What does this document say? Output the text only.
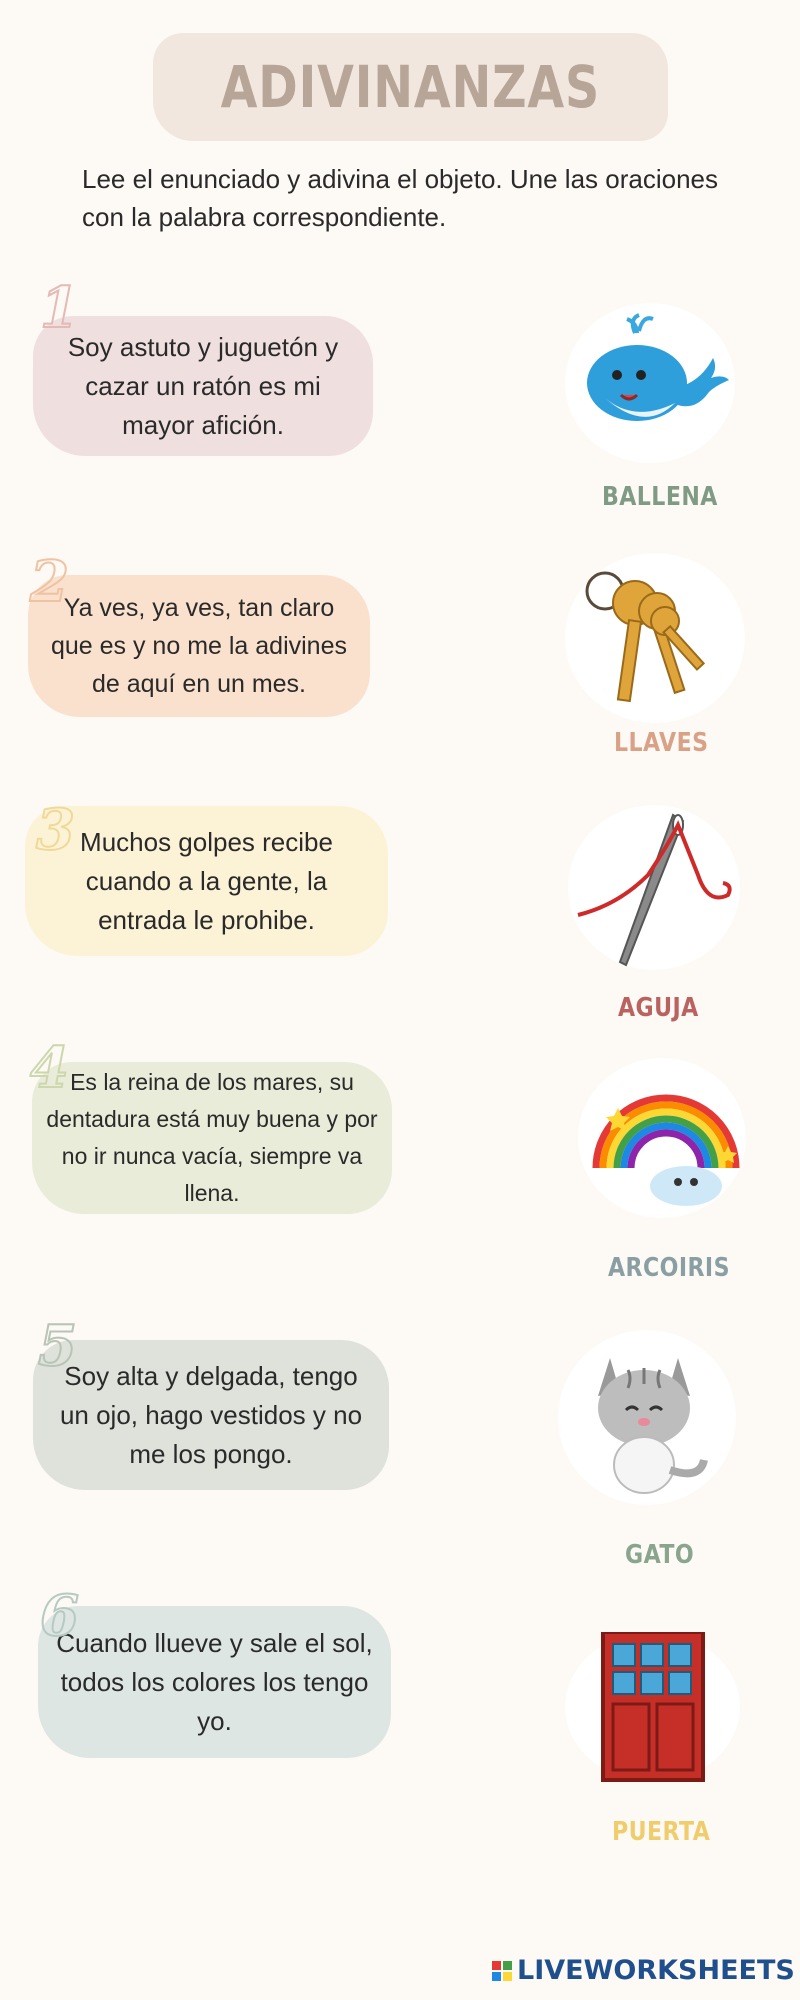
ADIVINANZAS
Lee el enunciado y adivina el objeto. Une las oraciones con la palabra correspondiente.
Soy astuto y juguetón y cazar un ratón es mi mayor afición.
1
Ya ves, ya ves, tan claro que es y no me la adivines de aquí en un mes.
2
Muchos golpes recibe cuando a la gente, la entrada le prohibe.
3
Es la reina de los mares, su dentadura está muy buena y por no ir nunca vacía, siempre va llena.
4
Soy alta y delgada, tengo un ojo, hago vestidos y no me los pongo.
5
Cuando llueve y sale el sol, todos los colores los tengo yo.
6
BALLENA
LLAVES
AGUJA
ARCOIRIS
GATO
PUERTA
LIVEWORKSHEETS
